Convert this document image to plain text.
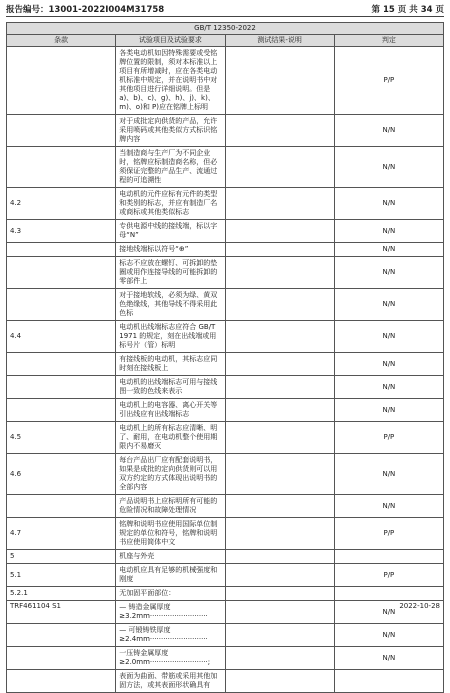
报告编号：13001-2022I004M31758	第 15 页 共 34 页
GB/T 12350-2022			
条款	试验项目及试验要求	测试结果-说明	判定
	各类电动机如因特殊需要或受铭牌位置的限制，须对本标准以上项目有所增减时，应在各类电动机标准中规定，并在说明书中对其他项目进行详细说明。但是 a)、b)、c)、g)、h)、j)、k)、m)、o)和 P)应在铭牌上标明		P/P
	对于成批定向供货的产品，允许采用喷码或其他类似方式标识铭牌内容		N/N
	当制造商与生产厂为不同企业时，铭牌应标制造商名称，但必须保证完整的产品生产、流通过程的可追溯性		N/N
4.2	电动机的元件应标有元件的类型和类别的标志，并应有制造厂名或商标或其他类似标志		N/N
4.3	专供电源中线的接线端，标以字母“N”		N/N
	接地线端标以符号“⊕”		N/N
	标志不应放在螺钉、可拆卸的垫圈或用作连接导线的可能拆卸的零部件上		N/N
	对于接地软线，必须为绿、黄双色绝缘线，其他导线不得采用此色标		N/N
4.4	电动机出线端标志应符合 GB/T 1971 的规定，刻在出线端或用标号片（管）标明		N/N
	有接线板的电动机，其标志应同时刻在接线板上		N/N
	电动机的出线端标志可用与接线图一致的色线来表示		N/N
	电动机上的电容器、离心开关等引出线应有出线端标志		N/N
4.5	电动机上的所有标志应清晰、明了、耐用，在电动机整个使用期限内不易磨灭		P/P
4.6	每台产品出厂应有配套说明书，如果是成批的定向供货则可以用双方约定的方式体现出说明书的全部内容		N/N
	产品说明书上应标明所有可能的危险情况和故障处理情况		N/N
4.7	铭牌和说明书应使用国际单位制规定的单位和符号，铭牌和说明书应使用简体中文		P/P
5	机座与外壳		
5.1	电动机应具有足够的机械强度和刚度		P/P
5.2.1	无加固平面部位：		
	— 铸造金属厚度≥3.2mm··························		N/N
	— 可锻铸铁厚度≥2.4mm··························		N/N
	一压铸金属厚度≥2.0mm··························;		N/N
	表面为曲面、带筋或采用其他加固方法，或其表面形状确具有		
TRF461104 S1	2022-10-28
